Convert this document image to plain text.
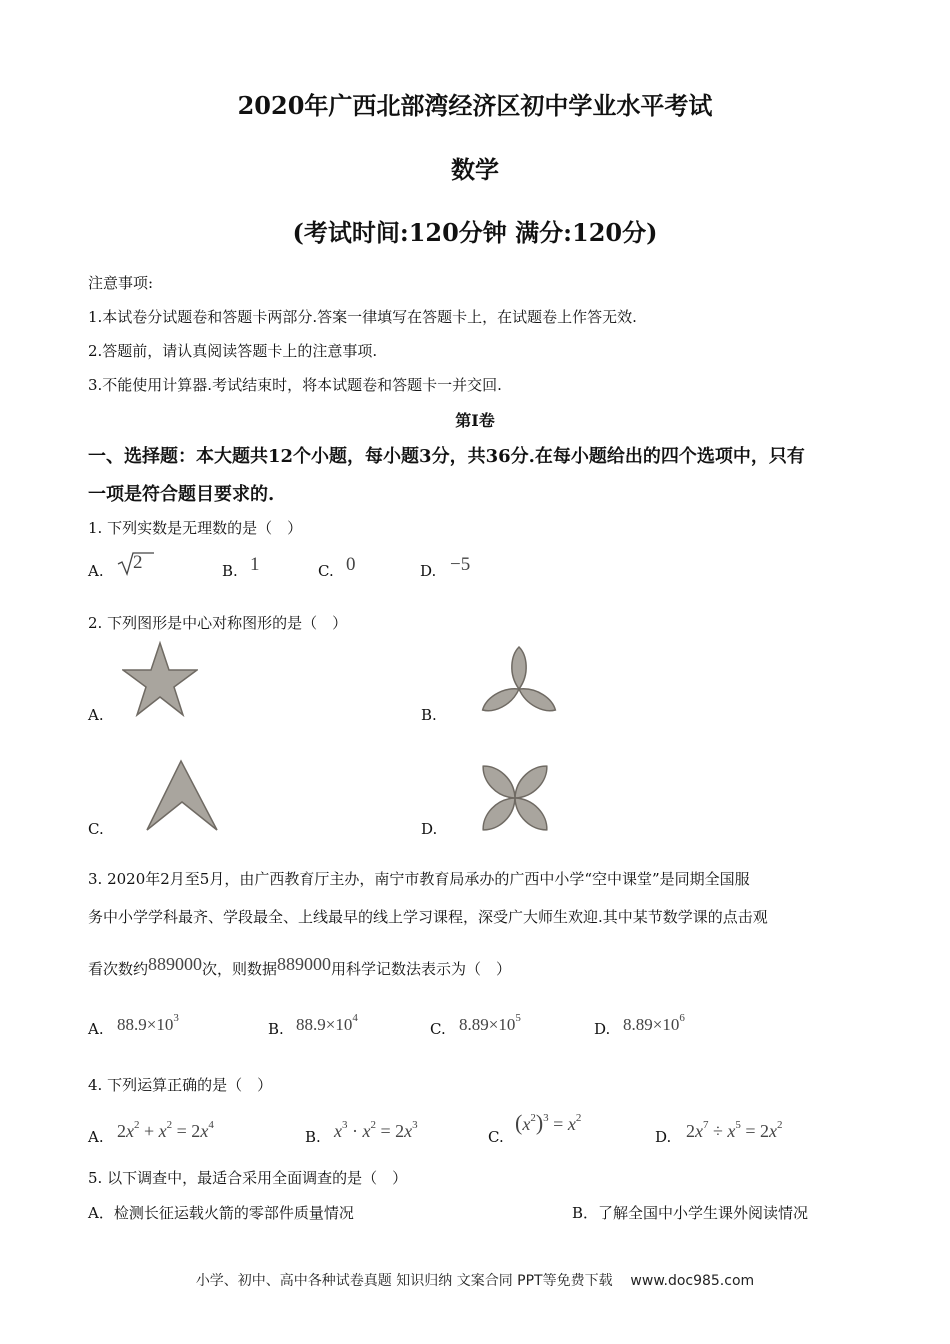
2020年广西北部湾经济区初中学业水平考试
数学
(考试时间:120分钟 满分:120分)
注意事项:
1.本试卷分试题卷和答题卡两部分.答案一律填写在答题卡上，在试题卷上作答无效.
2.答题前，请认真阅读答题卡上的注意事项.
3.不能使用计算器.考试结束时，将本试题卷和答题卡一并交回.
第Ⅰ卷
一、选择题：本大题共12个小题，每小题3分，共36分.在每小题给出的四个选项中，只有
一项是符合题目要求的.
1. 下列实数是无理数的是（　）
A. 2	B. 1	C. 0	D. −5
2. 下列图形是中心对称图形的是（　）
A.	B.
C.	D.
3. 2020年2月至5月，由广西教育厅主办，南宁市教育局承办的广西中小学“空中课堂”是同期全国服
务中小学学科最齐、学段最全、上线最早的线上学习课程，深受广大师生欢迎.其中某节数学课的点击观
看次数约889000次，则数据889000用科学记数法表示为（　）
A. $88.9\times 10^3$
B. $88.9\times 10^4$
C. $8.89\times 10^5$
D. $8.89\times 10^6$
4. 下列运算正确的是（　）
A. $2x^2 + x^2 = 2x^4$
B. $x^3 \cdot x^2 = 2x^3$
C.
$(x^2)^3 = x^2$
D. $2x^7 \div x^5 = 2x^2$
5. 以下调查中，最适合采用全面调查的是（　）
A．检测长征运载火箭的零部件质量情况	B．了解全国中小学生课外阅读情况
小学、初中、高中各种试卷真题 知识归纳 文案合同 PPT等免费下载 www.doc985.com
